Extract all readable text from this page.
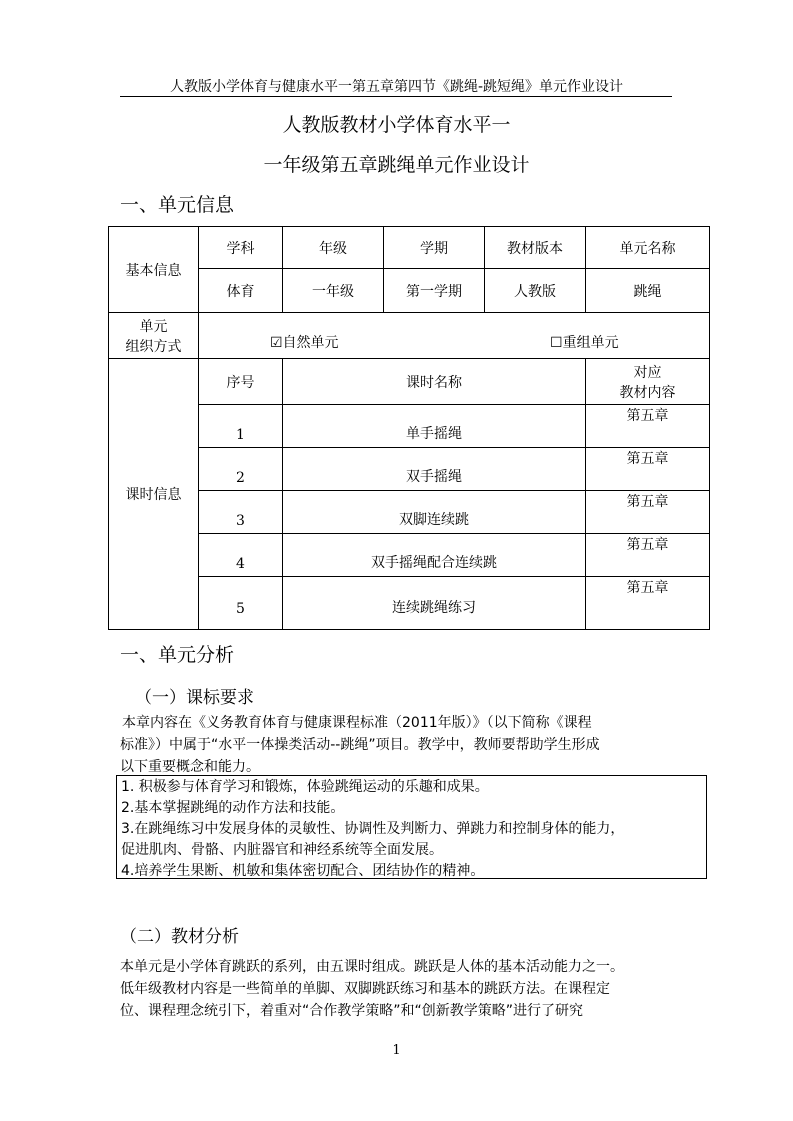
人教版小学体育与健康水平一第五章第四节《跳绳-跳短绳》单元作业设计
人教版教材小学体育水平一
一年级第五章跳绳单元作业设计
一、单元信息
基本信息	学科	年级	学期	教材版本	单元名称
	体育	一年级	第一学期	人教版	跳绳

单元
组织方式	☑自然单元 ☐重组单元				
课时信息	序号	课时名称			对应
教材内容

	1	单手摇绳			第五章
	2	双手摇绳			第五章
	3	双脚连续跳			第五章
	4	双手摇绳配合连续跳			第五章
	5	连续跳绳练习			第五章
一、单元分析
（一）课标要求
本章内容在《义务教育体育与健康课程标准（2011年版）》（以下简称《课程
标准》）中属于“水平一体操类活动--跳绳”项目。教学中，教师要帮助学生形成
以下重要概念和能力。
1. 积极参与体育学习和锻炼，体验跳绳运动的乐趣和成果。
2.基本掌握跳绳的动作方法和技能。
3.在跳绳练习中发展身体的灵敏性、协调性及判断力、弹跳力和控制身体的能力，
促进肌肉、骨骼、内脏器官和神经系统等全面发展。
4.培养学生果断、机敏和集体密切配合、团结协作的精神。
（二）教材分析
本单元是小学体育跳跃的系列，由五课时组成。跳跃是人体的基本活动能力之一。
低年级教材内容是一些简单的单脚、双脚跳跃练习和基本的跳跃方法。在课程定
位、课程理念统引下，着重对“合作教学策略”和“创新教学策略”进行了研究
1
